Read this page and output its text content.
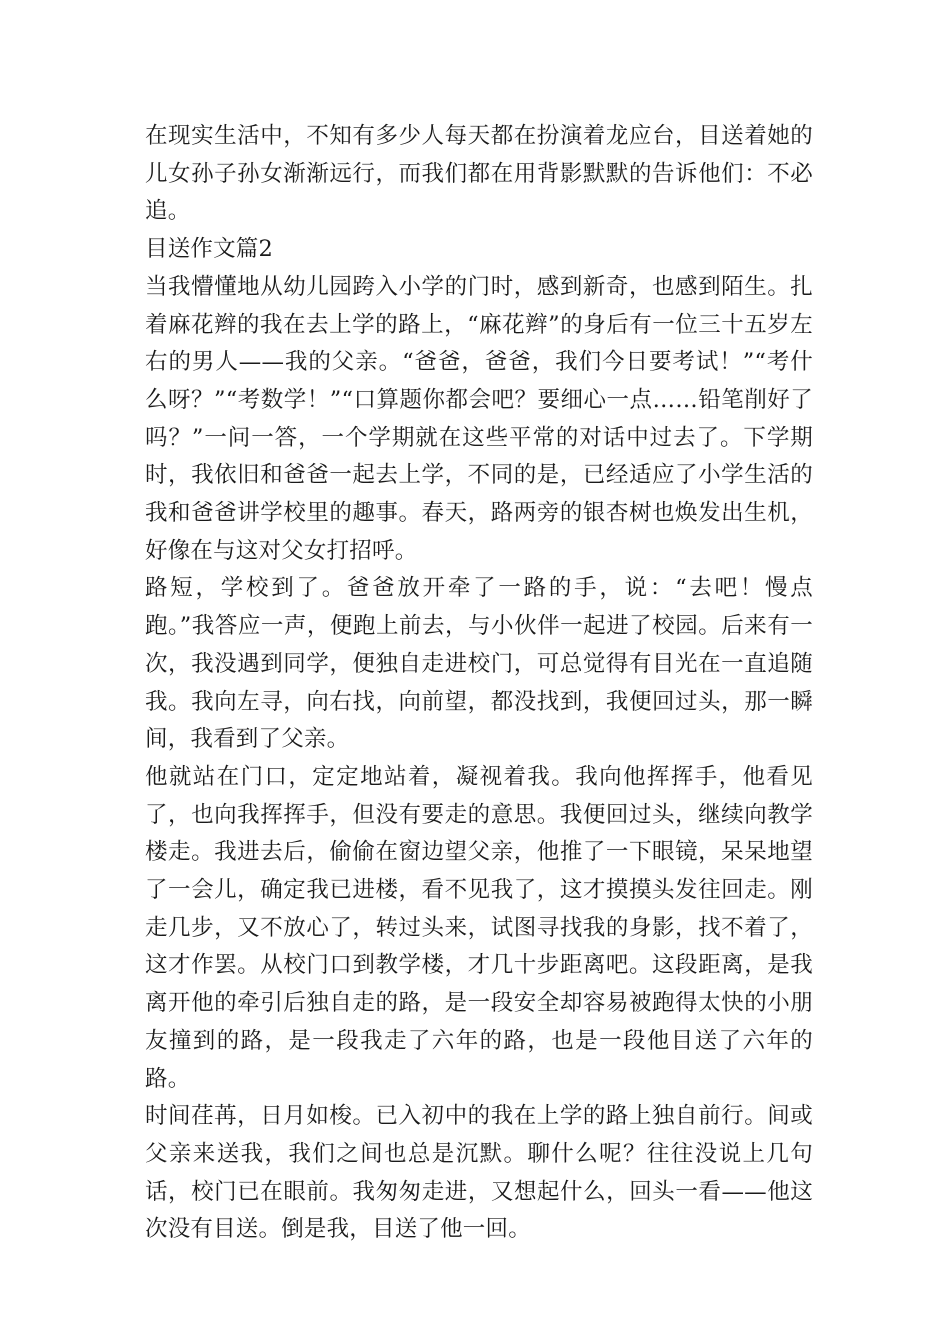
在现实生活中，不知有多少人每天都在扮演着龙应台，目送着她的儿女孙子孙女渐渐远行，而我们都在用背影默默的告诉他们：不必追。

目送作文篇2

当我懵懂地从幼儿园跨入小学的门时，感到新奇，也感到陌生。扎着麻花辫的我在去上学的路上，“麻花辫”的身后有一位三十五岁左右的男人——我的父亲。“爸爸，爸爸，我们今日要考试！”“考什么呀？”“考数学！”“口算题你都会吧？要细心一点……铅笔削好了吗？”一问一答，一个学期就在这些平常的对话中过去了。下学期时，我依旧和爸爸一起去上学，不同的是，已经适应了小学生活的我和爸爸讲学校里的趣事。春天，路两旁的银杏树也焕发出生机，好像在与这对父女打招呼。

路短，学校到了。爸爸放开牵了一路的手，说：“去吧！慢点跑。”我答应一声，便跑上前去，与小伙伴一起进了校园。后来有一次，我没遇到同学，便独自走进校门，可总觉得有目光在一直追随我。我向左寻，向右找，向前望，都没找到，我便回过头，那一瞬间，我看到了父亲。

他就站在门口，定定地站着，凝视着我。我向他挥挥手，他看见了，也向我挥挥手，但没有要走的意思。我便回过头，继续向教学楼走。我进去后，偷偷在窗边望父亲，他推了一下眼镜，呆呆地望了一会儿，确定我已进楼，看不见我了，这才摸摸头发往回走。刚走几步，又不放心了，转过头来，试图寻找我的身影，找不着了，这才作罢。从校门口到教学楼，才几十步距离吧。这段距离，是我离开他的牵引后独自走的路，是一段安全却容易被跑得太快的小朋友撞到的路，是一段我走了六年的路，也是一段他目送了六年的路。

时间荏苒，日月如梭。已入初中的我在上学的路上独自前行。间或父亲来送我，我们之间也总是沉默。聊什么呢？往往没说上几句话，校门已在眼前。我匆匆走进，又想起什么，回头一看——他这次没有目送。倒是我，目送了他一回。
